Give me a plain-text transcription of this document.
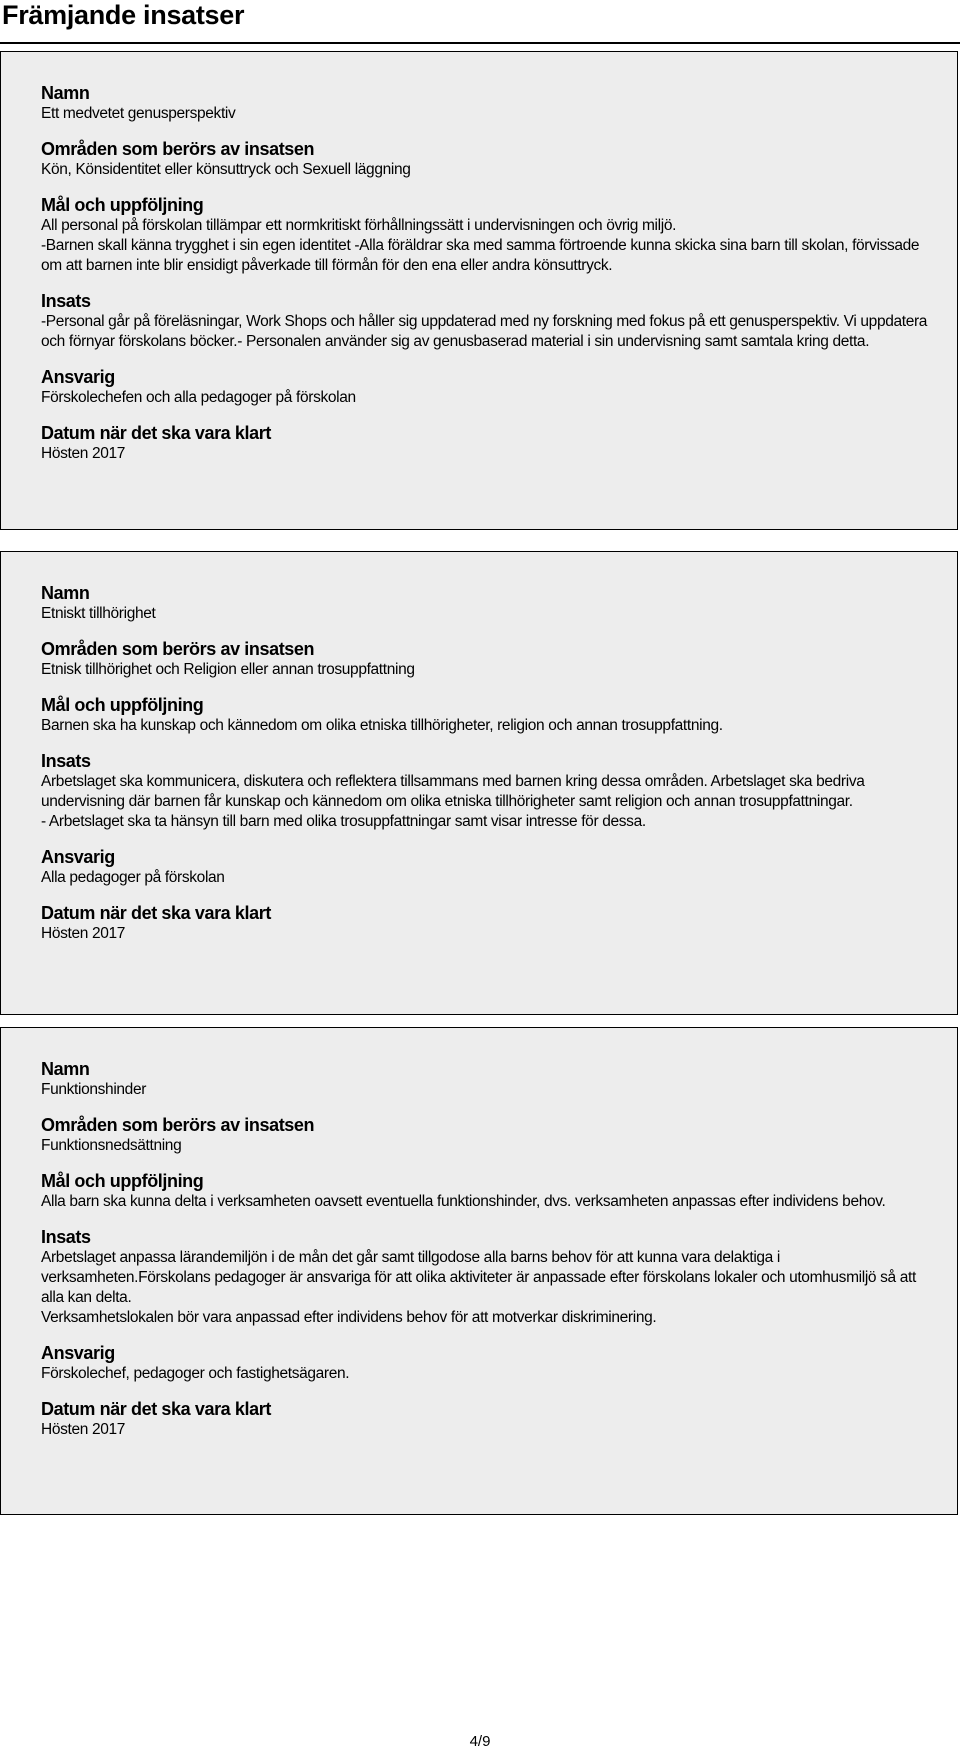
Främjande insatser
Namn
Ett medvetet genusperspektiv
Områden som berörs av insatsen
Kön, Könsidentitet eller könsuttryck och Sexuell läggning
Mål och uppföljning
All personal på förskolan tillämpar ett normkritiskt förhållningssätt i undervisningen och övrig miljö.
-Barnen skall känna trygghet i sin egen identitet -Alla föräldrar ska med samma förtroende kunna skicka sina barn till skolan, förvissade om att barnen inte blir ensidigt påverkade till förmån för den ena eller andra könsuttryck.
Insats
-Personal går på föreläsningar, Work Shops och håller sig uppdaterad med ny forskning med fokus på ett genusperspektiv. Vi uppdatera och förnyar förskolans böcker.- Personalen använder sig av genusbaserad material i sin undervisning samt samtala kring detta.
Ansvarig
Förskolechefen och alla pedagoger på förskolan
Datum när det ska vara klart
Hösten 2017
Namn
Etniskt tillhörighet
Områden som berörs av insatsen
Etnisk tillhörighet och Religion eller annan trosuppfattning
Mål och uppföljning
Barnen ska ha kunskap och kännedom om olika etniska tillhörigheter, religion och annan trosuppfattning.
Insats
Arbetslaget ska kommunicera, diskutera och reflektera tillsammans med barnen kring dessa områden. Arbetslaget ska bedriva undervisning där barnen får kunskap och kännedom om olika etniska tillhörigheter samt religion och annan trosuppfattningar.
- Arbetslaget ska ta hänsyn till barn med olika trosuppfattningar samt visar intresse för dessa.
Ansvarig
Alla pedagoger på förskolan
Datum när det ska vara klart
Hösten 2017
Namn
Funktionshinder
Områden som berörs av insatsen
Funktionsnedsättning
Mål och uppföljning
Alla barn ska kunna delta i verksamheten oavsett eventuella funktionshinder, dvs. verksamheten anpassas efter individens behov.
Insats
Arbetslaget anpassa lärandemiljön i de mån det går samt tillgodose alla barns behov för att kunna vara delaktiga i verksamheten.Förskolans pedagoger är ansvariga för att olika aktiviteter är anpassade efter förskolans lokaler och utomhusmiljö så att alla kan delta.
Verksamhetslokalen bör vara anpassad efter individens behov för att motverkar diskriminering.
Ansvarig
Förskolechef, pedagoger och fastighetsägaren.
Datum när det ska vara klart
Hösten 2017
4/9
